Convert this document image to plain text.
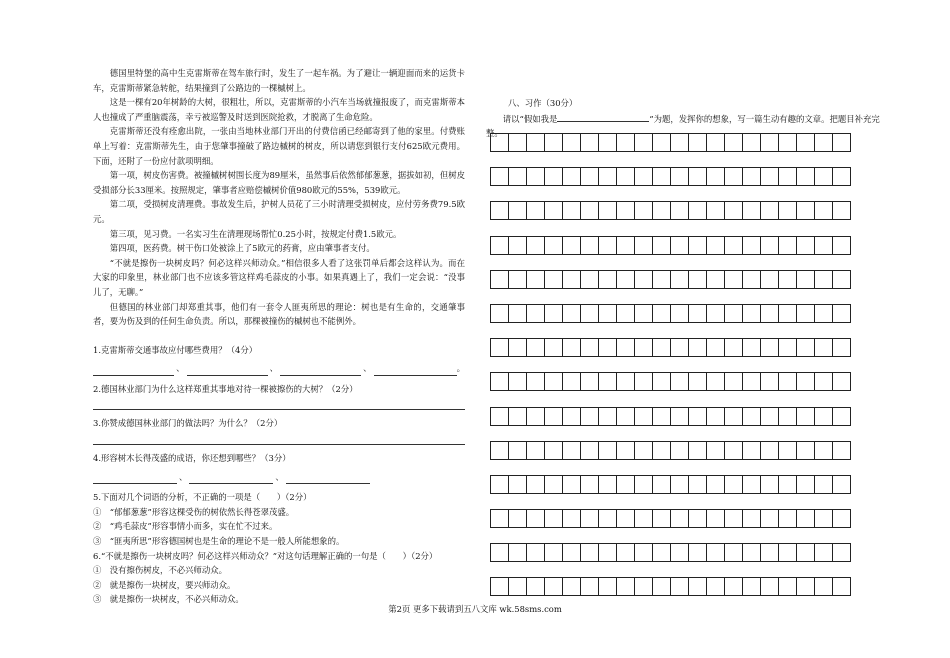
德国里特堡的高中生克雷斯蒂在驾车旅行时，发生了一起车祸。为了避让一辆迎面而来的运货卡车，克雷斯蒂紧急转舵，结果撞到了公路边的一棵槭树上。

这是一棵有20年树龄的大树，很粗壮，所以，克雷斯蒂的小汽车当场就撞报废了，而克雷斯蒂本人也撞成了严重脑震荡，幸亏被巡警及时送到医院抢救，才脱离了生命危险。

克雷斯蒂还没有痊愈出院，一张由当地林业部门开出的付费信函已经邮寄到了他的家里。付费账单上写着：克雷斯蒂先生，由于您肇事撞破了路边槭树的树皮，所以请您到银行支付625欧元费用。下面，还附了一份应付款项明细。

第一项，树皮伤害费。被撞槭树树围长度为89厘米，虽然事后依然郁郁葱葱，据拔如初，但树皮受损部分长33厘米。按照规定，肇事者应赔偿槭树价值980欧元的55%，539欧元。

第二项，受损树皮清理费。事故发生后，护树人员花了三小时清理受损树皮，应付劳务费79.5欧元。

第三项，见习费。一名实习生在清理现场帮忙0.25小时，按规定付费1.5欧元。

第四项，医药费。树干伤口处被涂上了5欧元的药膏，应由肇事者支付。

“不就是擦伤一块树皮吗？何必这样兴师动众。”相信很多人看了这张罚单后都会这样认为。而在大家的印象里，林业部门也不应该多管这样鸡毛蒜皮的小事。如果真遇上了，我们一定会说：“没事儿了，无聊。”

但德国的林业部门却郑重其事，他们有一套令人匪夷所思的理论：树也是有生命的，交通肇事者，要为伤及到的任何生命负责。所以，那棵被撞伤的槭树也不能例外。

1.克雷斯蒂交通事故应付哪些费用？（4分）

、	、	、	。

2.德国林业部门为什么这样郑重其事地对待一棵被擦伤的大树？（2分）

3.你赞成德国林业部门的做法吗？为什么？（2分）

4.形容树木长得茂盛的成语，你还想到哪些？（3分）

、	、

5.下面对几个词语的分析，不正确的一项是（　　）（2分）

①　“郁郁葱葱”形容这棵受伤的树依然长得苍翠茂盛。

②　“鸡毛蒜皮”形容事情小而多，实在忙不过来。

③　“匪夷所思”形容德国树也是生命的理论不是一般人所能想象的。

6.“不就是擦伤一块树皮吗？何必这样兴师动众？”对这句话理解正确的一句是（　　）（2分）

①　没有擦伤树皮，不必兴师动众。

②　就是擦伤一块树皮，要兴师动众。

③　就是擦伤一块树皮，不必兴师动众。

八、习作（30分）

请以“假如我是	”为题，发挥你的想象，写一篇生动有趣的文章。把题目补充完整。

第2页 更多下载请到五八文库 wk.58sms.com
